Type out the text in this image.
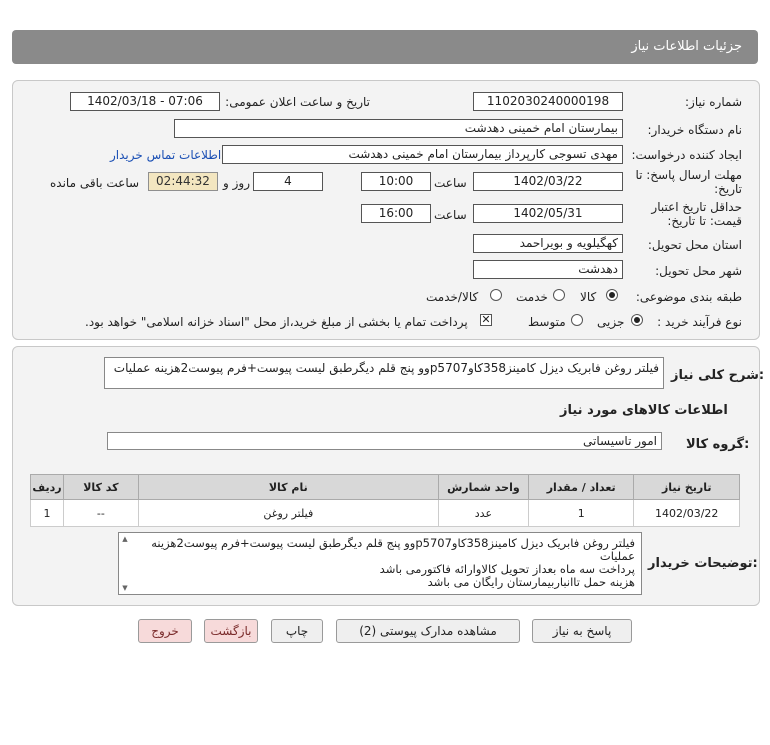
جزئیات اطلاعات نیاز
شماره نیاز:
1102030240000198
تاریخ و ساعت اعلان عمومی:
1402/03/18 - 07:06
نام دستگاه خریدار:
بیمارستان امام خمینی دهدشت
ایجاد کننده درخواست:
مهدی تسوجی کارپرداز بیمارستان امام خمینی دهدشت
اطلاعات تماس خریدار
مهلت ارسال پاسخ: تا
تاریخ:
1402/03/22
ساعت
10:00
4
روز و
02:44:32
ساعت باقی مانده
حداقل تاریخ اعتبار
قیمت: تا تاریخ:
1402/05/31
ساعت
16:00
استان محل تحویل:
کهگیلویه و بویراحمد
شهر محل تحویل:
دهدشت
طبقه بندی موضوعی:
کالا
خدمت
کالا/خدمت
نوع فرآیند خرید :
جزیی
متوسط
✕
پرداخت تمام یا بخشی از مبلغ خرید،از محل "اسناد خزانه اسلامی" خواهد بود.
شرح کلی نیاز:
فیلتر روغن فابریک دیزل کامینز358کاوp5707وو پنج قلم دیگرطبق لیست پیوست+فرم پیوست2هزینه عملیات
اطلاعات کالاهای مورد نیاز
گروه کالا:
امور تاسیساتی
ردیف	کد کالا	نام کالا	واحد شمارش	تعداد / مقدار	تاریخ نیاز
1	--	فیلتر روغن	عدد	1	1402/03/22
توضیحات خریدار:
فیلتر روغن فابریک دیزل کامینز358کاوp5707وو پنج قلم دیگرطبق لیست پیوست+فرم پیوست2هزینه عملیات
پرداخت سه ماه بعداز تحویل کالاوارائه فاکتورمی باشد
هزینه حمل تاانباربیمارستان رایگان می باشد
▲
▼
پاسخ به نیاز
مشاهده مدارک پیوستی (2)
چاپ
بازگشت
خروج
